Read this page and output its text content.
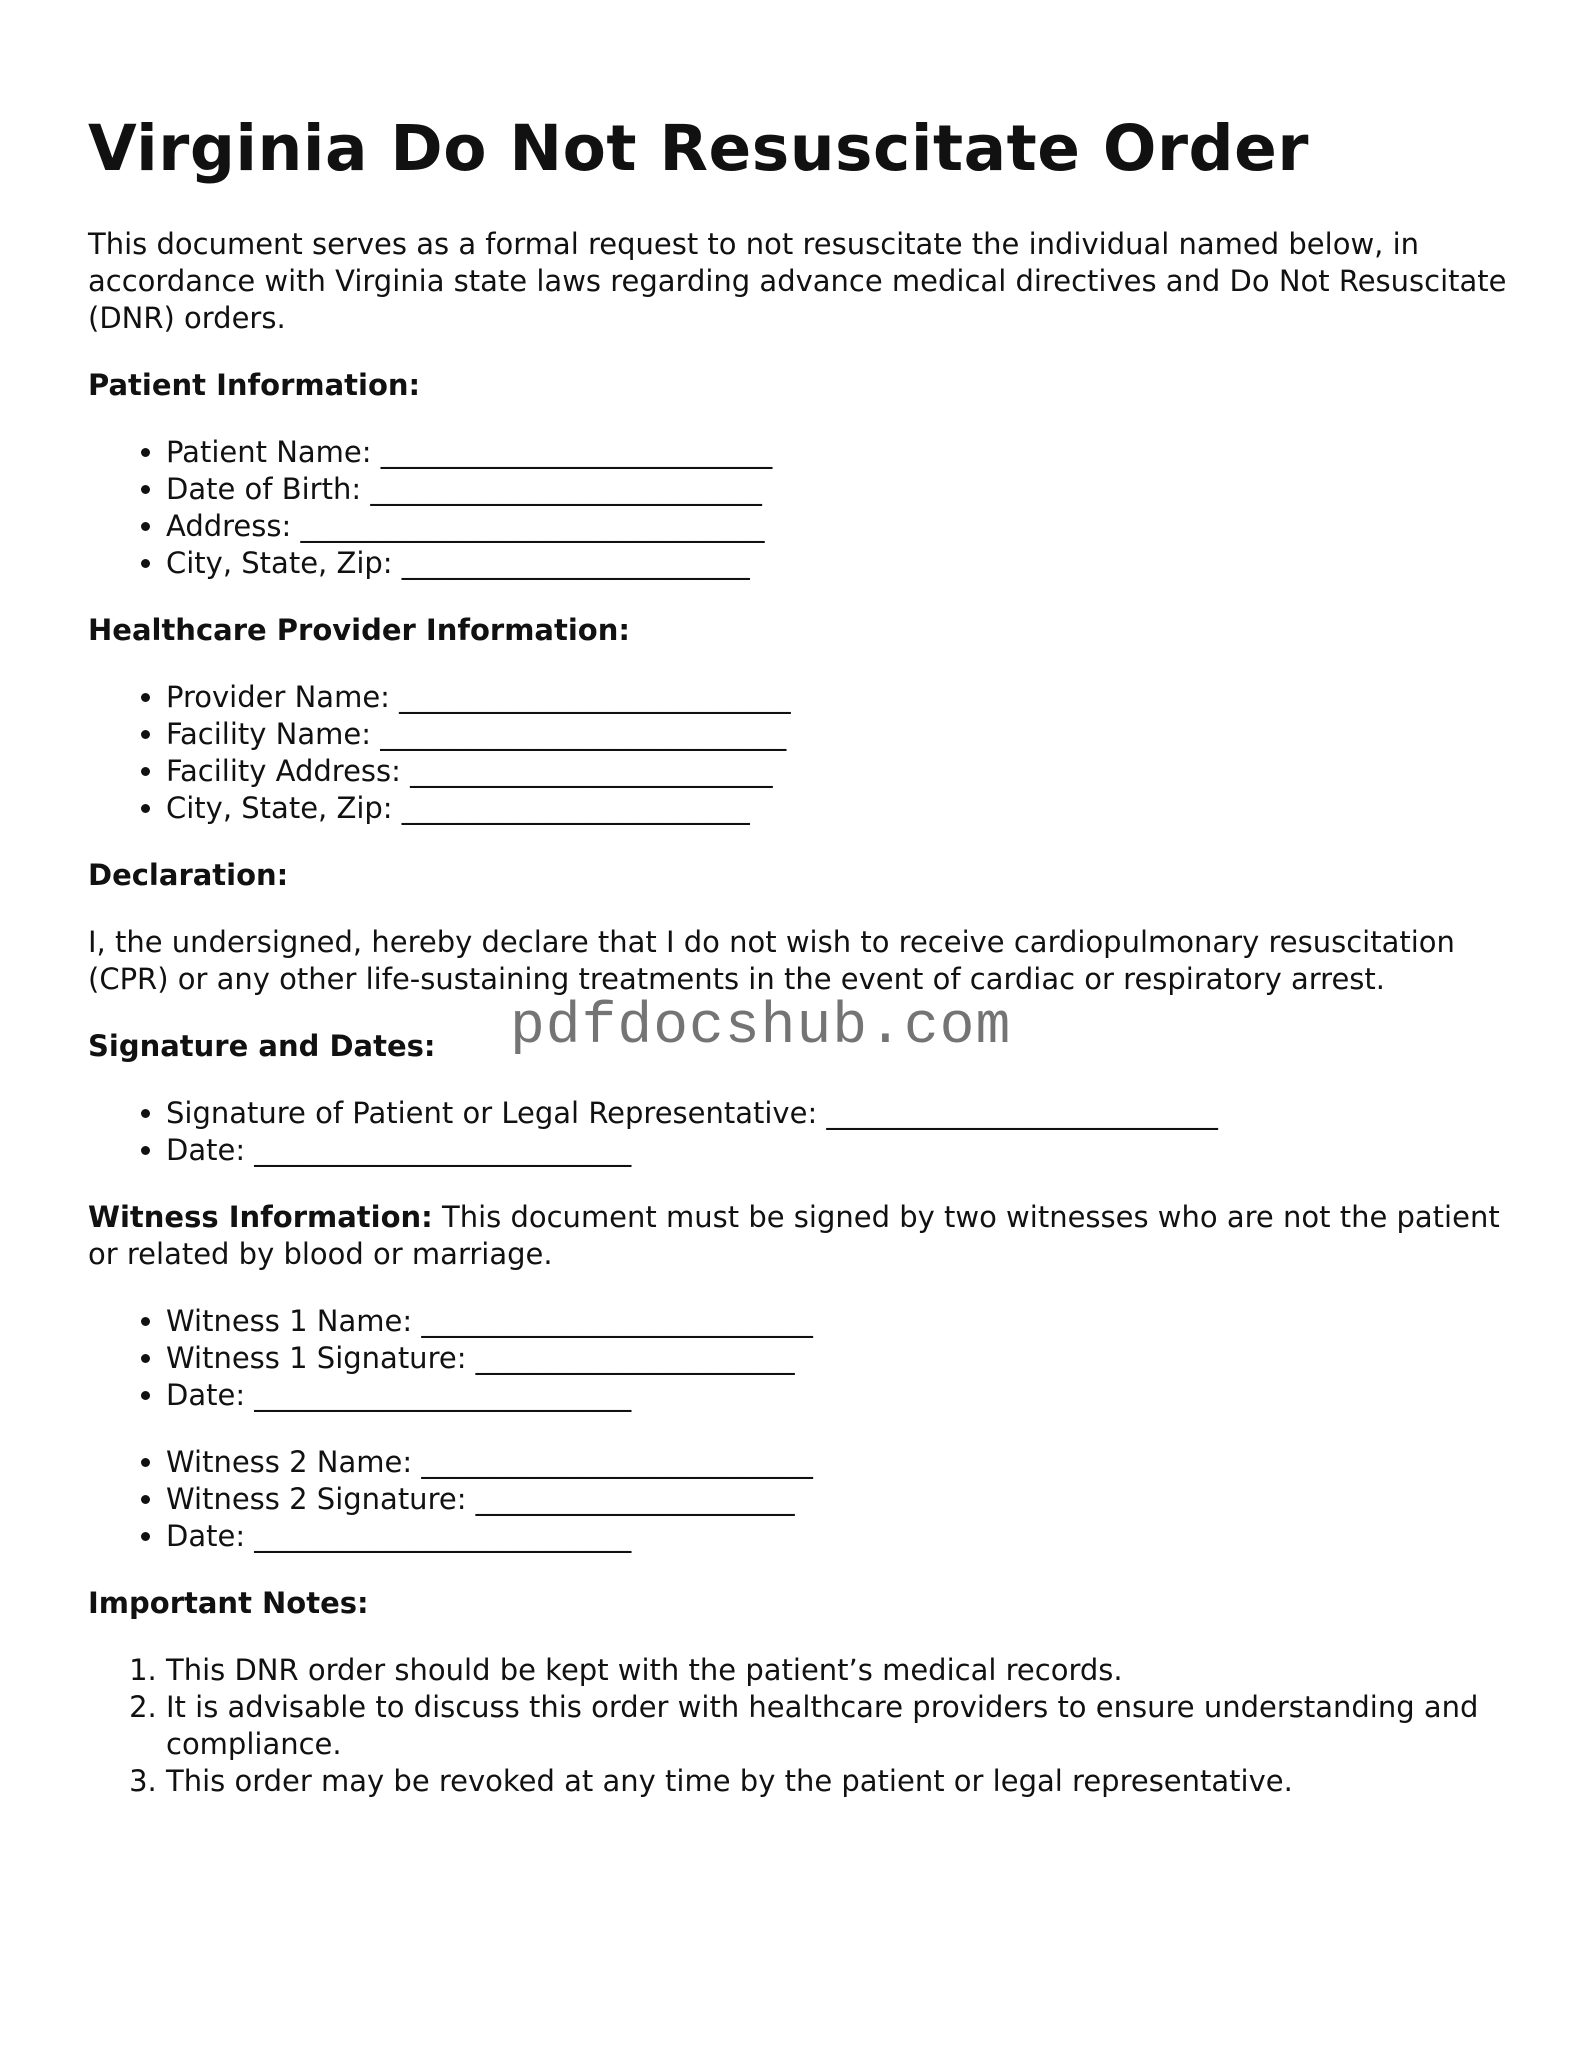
Virginia Do Not Resuscitate Order

This document serves as a formal request to not resuscitate the individual named below, in accordance with Virginia state laws regarding advance medical directives and Do Not Resuscitate (DNR) orders.

Patient Information:

• Patient Name: ___________________________
• Date of Birth: ___________________________
• Address: ________________________________
• City, State, Zip: ________________________

Healthcare Provider Information:

• Provider Name: ___________________________
• Facility Name: ____________________________
• Facility Address: _________________________
• City, State, Zip: ________________________

Declaration:

I, the undersigned, hereby declare that I do not wish to receive cardiopulmonary resuscitation (CPR) or any other life-sustaining treatments in the event of cardiac or respiratory arrest.

Signature and Dates:

• Signature of Patient or Legal Representative: ___________________________
• Date: __________________________

Witness Information: This document must be signed by two witnesses who are not the patient or related by blood or marriage.

• Witness 1 Name: ___________________________
• Witness 1 Signature: ______________________
• Date: __________________________
• Witness 2 Name: ___________________________
• Witness 2 Signature: ______________________
• Date: __________________________

Important Notes:

1. This DNR order should be kept with the patient’s medical records.
2. It is advisable to discuss this order with healthcare providers to ensure understanding and compliance.
3. This order may be revoked at any time by the patient or legal representative.
pdfdocshub.com
